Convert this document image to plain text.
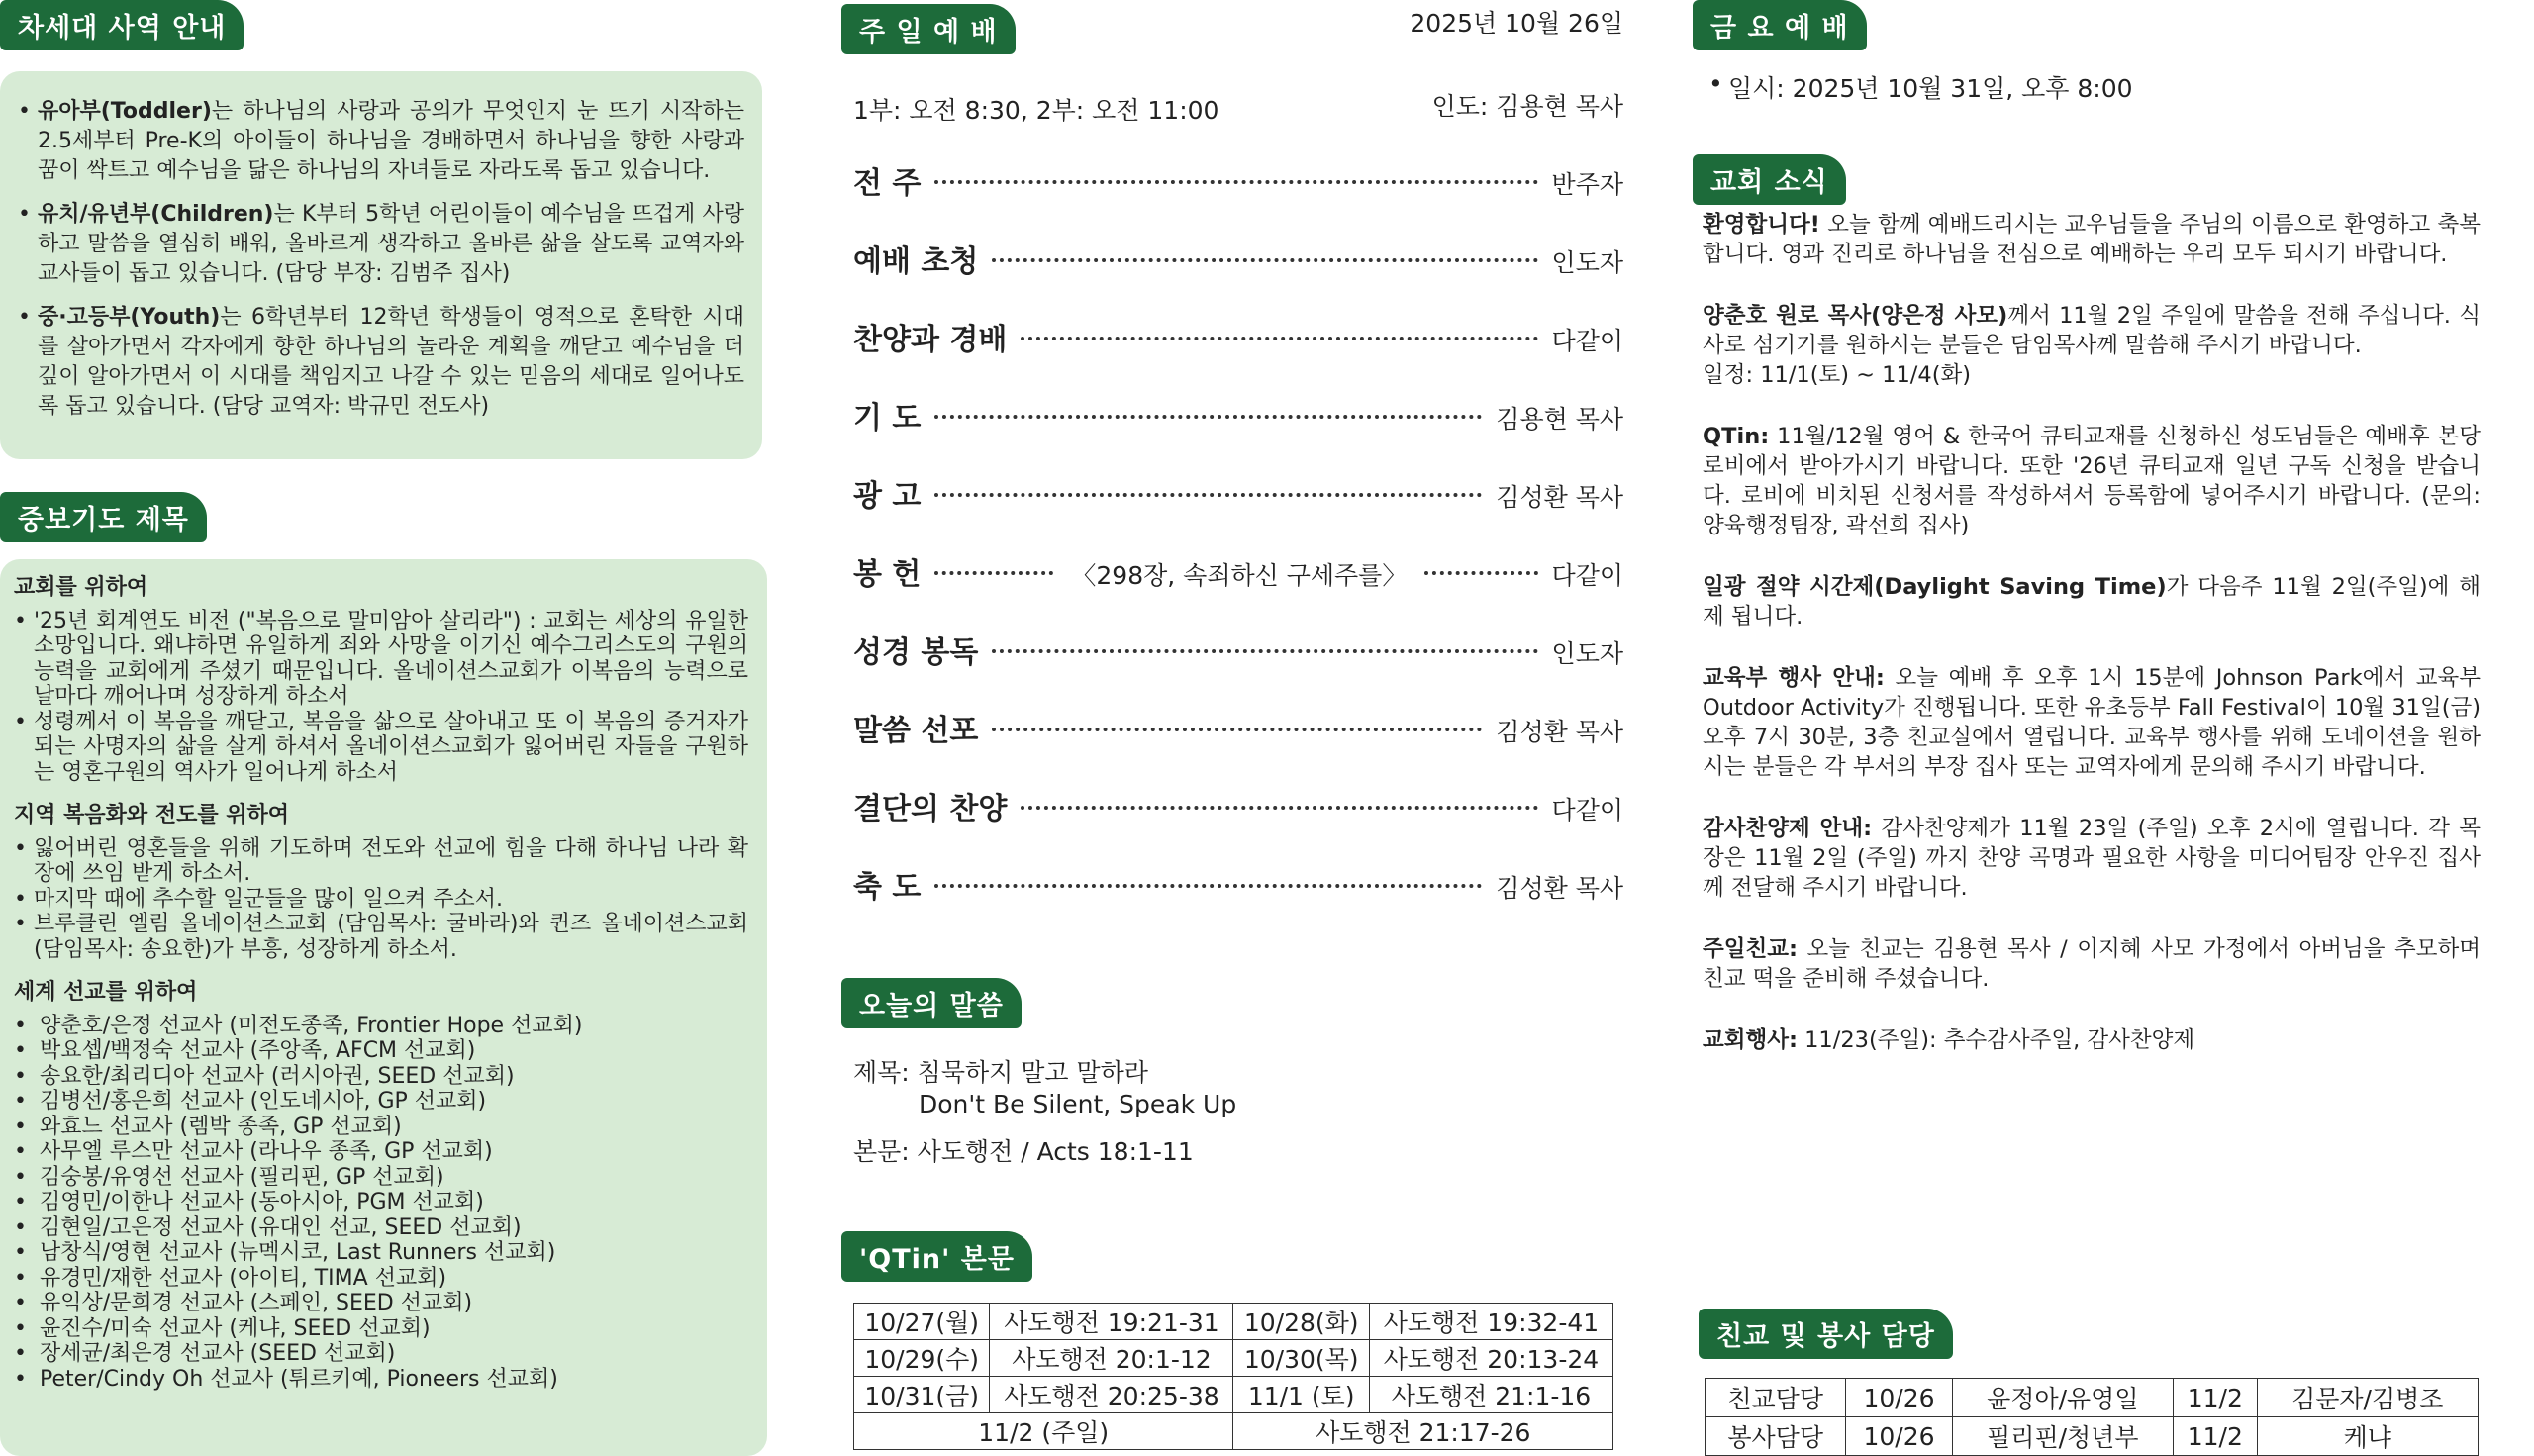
차세대 사역 안내
• 유아부(Toddler)는 하나님의 사랑과 공의가 무엇인지 눈 뜨기 시작하는 2.5세부터 Pre-K의 아이들이 하나님을 경배하면서 하나님을 향한 사랑과 꿈이 싹트고 예수님을 닮은 하나님의 자녀들로 자라도록 돕고 있습니다.
• 유치/유년부(Children)는 K부터 5학년 어린이들이 예수님을 뜨겁게 사랑하고 말씀을 열심히 배워, 올바르게 생각하고 올바른 삶을 살도록 교역자와 교사들이 돕고 있습니다. (담당 부장: 김범주 집사)
• 중·고등부(Youth)는 6학년부터 12학년 학생들이 영적으로 혼탁한 시대를 살아가면서 각자에게 향한 하나님의 놀라운 계획을 깨닫고 예수님을 더 깊이 알아가면서 이 시대를 책임지고 나갈 수 있는 믿음의 세대로 일어나도록 돕고 있습니다. (담당 교역자: 박규민 전도사)
중보기도 제목
교회를 위하여
• '25년 회계연도 비전 ("복음으로 말미암아 살리라") : 교회는 세상의 유일한 소망입니다. 왜냐하면 유일하게 죄와 사망을 이기신 예수그리스도의 구원의 능력을 교회에게 주셨기 때문입니다. 올네이션스교회가 이복음의 능력으로 날마다 깨어나며 성장하게 하소서
• 성령께서 이 복음을 깨닫고, 복음을 삶으로 살아내고 또 이 복음의 증거자가 되는 사명자의 삶을 살게 하셔서 올네이션스교회가 잃어버린 자들을 구원하는 영혼구원의 역사가 일어나게 하소서
지역 복음화와 전도를 위하여
• 잃어버린 영혼들을 위해 기도하며 전도와 선교에 힘을 다해 하나님 나라 확장에 쓰임 받게 하소서.
• 마지막 때에 추수할 일군들을 많이 일으켜 주소서.
• 브루클린 엘림 올네이션스교회 (담임목사: 굴바라)와 퀸즈 올네이션스교회 (담임목사: 송요한)가 부흥, 성장하게 하소서.
세계 선교를 위하여
• 양춘호/은정 선교사 (미전도종족, Frontier Hope 선교회)
• 박요셉/백정숙 선교사 (주앙족, AFCM 선교회)
• 송요한/최리디아 선교사 (러시아권, SEED 선교회)
• 김병선/홍은희 선교사 (인도네시아, GP 선교회)
• 와효느 선교사 (렘박 종족, GP 선교회)
• 사무엘 루스만 선교사 (라나우 종족, GP 선교회)
• 김숭봉/유영선 선교사 (필리핀, GP 선교회)
• 김영민/이한나 선교사 (동아시아, PGM 선교회)
• 김현일/고은정 선교사 (유대인 선교, SEED 선교회)
• 남창식/영현 선교사 (뉴멕시코, Last Runners 선교회)
• 유경민/재한 선교사 (아이티, TIMA 선교회)
• 유익상/문희경 선교사 (스페인, SEED 선교회)
• 윤진수/미숙 선교사 (케냐, SEED 선교회)
• 장세균/최은경 선교사 (SEED 선교회)
• Peter/Cindy Oh 선교사 (튀르키예, Pioneers 선교회)
주 일 예 배	2025년 10월 26일
1부: 오전 8:30, 2부: 오전 11:00	인도: 김용현 목사
전 주	반주자
예배 초청	인도자
찬양과 경배	다같이
기 도	김용현 목사
광 고	김성환 목사
봉 헌	〈298장, 속죄하신 구세주를〉	다같이
성경 봉독	인도자
말씀 선포	김성환 목사
결단의 찬양	다같이
축 도	김성환 목사
오늘의 말씀
제목: 침묵하지 말고 말하라
Don't Be Silent, Speak Up
본문: 사도행전 / Acts 18:1-11
'QTin' 본문
10/27(월)	사도행전 19:21-31	10/28(화)	사도행전 19:32-41
10/29(수)	사도행전 20:1-12	10/30(목)	사도행전 20:13-24
10/31(금)	사도행전 20:25-38	11/1 (토)	사도행전 21:1-16
11/2 (주일)		사도행전 21:17-26	
금 요 예 배
• 일시: 2025년 10월 31일, 오후 8:00
교회 소식

환영합니다! 오늘 함께 예배드리시는 교우님들을 주님의 이름으로 환영하고 축복합니다. 영과 진리로 하나님을 전심으로 예배하는 우리 모두 되시기 바랍니다.

양춘호 원로 목사(양은정 사모)께서 11월 2일 주일에 말씀을 전해 주십니다. 식사로 섬기기를 원하시는 분들은 담임목사께 말씀해 주시기 바랍니다.
일정: 11/1(토) ~ 11/4(화)

QTin: 11월/12월 영어 & 한국어 큐티교재를 신청하신 성도님들은 예배후 본당 로비에서 받아가시기 바랍니다. 또한 '26년 큐티교재 일년 구독 신청을 받습니다. 로비에 비치된 신청서를 작성하셔서 등록함에 넣어주시기 바랍니다. (문의: 양육행정팀장, 곽선희 집사)

일광 절약 시간제(Daylight Saving Time)가 다음주 11월 2일(주일)에 해제 됩니다.

교육부 행사 안내: 오늘 예배 후 오후 1시 15분에 Johnson Park에서 교육부 Outdoor Activity가 진행됩니다. 또한 유초등부 Fall Festival이 10월 31일(금) 오후 7시 30분, 3층 친교실에서 열립니다. 교육부 행사를 위해 도네이션을 원하시는 분들은 각 부서의 부장 집사 또는 교역자에게 문의해 주시기 바랍니다.

감사찬양제 안내: 감사찬양제가 11월 23일 (주일) 오후 2시에 열립니다. 각 목장은 11월 2일 (주일) 까지 찬양 곡명과 필요한 사항을 미디어팀장 안우진 집사께 전달해 주시기 바랍니다.

주일친교: 오늘 친교는 김용현 목사 / 이지혜 사모 가정에서 아버님을 추모하며 친교 떡을 준비해 주셨습니다.

교회행사: 11/23(주일): 추수감사주일, 감사찬양제

친교 및 봉사 담당
친교담당	10/26	윤정아/유영일	11/2	김문자/김병조
봉사담당	10/26	필리핀/청년부	11/2	케냐
